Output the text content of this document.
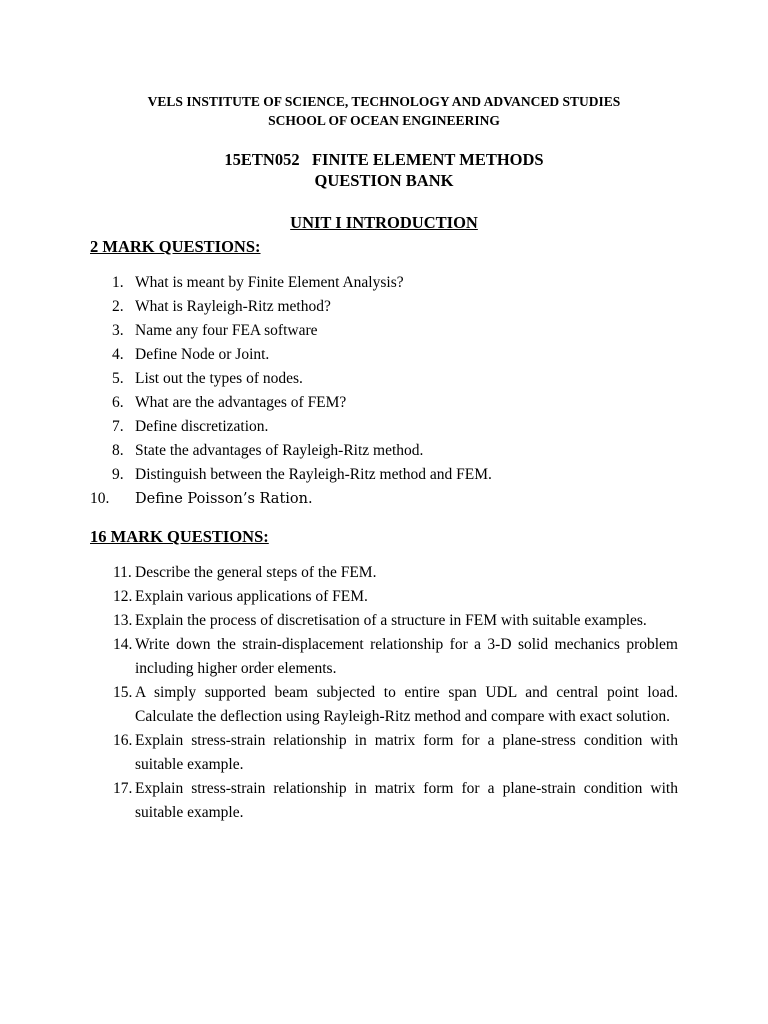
VELS INSTITUTE OF SCIENCE, TECHNOLOGY AND ADVANCED STUDIES
SCHOOL OF OCEAN ENGINEERING
15ETN052   FINITE ELEMENT METHODS
QUESTION BANK
UNIT I INTRODUCTION
2 MARK QUESTIONS:
1. What is meant by Finite Element Analysis?
2. What is Rayleigh-Ritz method?
3. Name any four FEA software
4. Define Node or Joint.
5. List out the types of nodes.
6. What are the advantages of FEM?
7. Define discretization.
8. State the advantages of Rayleigh-Ritz method.
9. Distinguish between the Rayleigh-Ritz method and FEM.
10. Define Poisson’s Ration.
16 MARK QUESTIONS:
11. Describe the general steps of the FEM.
12. Explain various applications of FEM.
13. Explain the process of discretisation of a structure in FEM with suitable examples.
14. Write down the strain-displacement relationship for a 3-D solid mechanics problem including higher order elements.
15. A simply supported beam subjected to entire span UDL and central point load. Calculate the deflection using Rayleigh-Ritz method and compare with exact solution.
16. Explain stress-strain relationship in matrix form for a plane-stress condition with suitable example.
17. Explain stress-strain relationship in matrix form for a plane-strain condition with suitable example.
